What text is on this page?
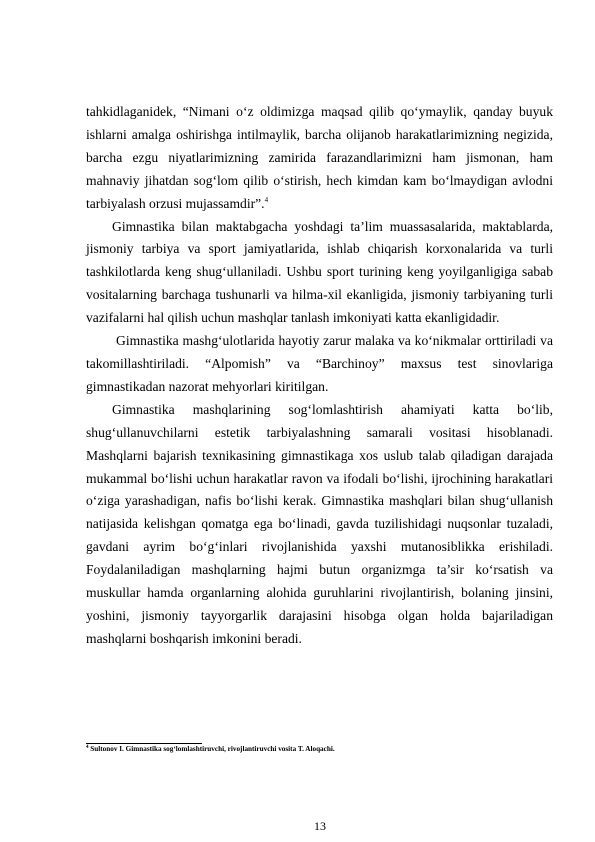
tahkidlaganidek, “Nimani o‘z oldimizga maqsad qilib qo‘ymaylik, qanday buyuk ishlarni amalga oshirishga intilmaylik, barcha olijanob harakatlarimizning negizida, barcha ezgu niyatlarimizning zamirida farazandlarimizni ham jismonan, ham mahnaviy jihatdan sog‘lom qilib o‘stirish, hech kimdan kam bo‘lmaydigan avlodni tarbiyalash orzusi mujassamdir”.$^4$

Gimnastika bilan maktabgacha yoshdagi ta’lim muassasalarida, maktablarda, jismoniy tarbiya va sport jamiyatlarida, ishlab chiqarish korxonalarida va turli tashkilotlarda keng shug‘ullaniladi. Ushbu sport turining keng yoyilganligiga sabab vositalarning barchaga tushunarli va hilma-xil ekanligida, jismoniy tarbiyaning turli vazifalarni hal qilish uchun mashqlar tanlash imkoniyati katta ekanligidadir.

Gimnastika mashg‘ulotlarida hayotiy zarur malaka va ko‘nikmalar orttiriladi va takomillashtiriladi. “Alpomish” va “Barchinoy” maxsus test sinovlariga gimnastikadan nazorat mehyorlari kiritilgan.

Gimnastika mashqlarining sog‘lomlashtirish ahamiyati katta bo‘lib, shug‘ullanuvchilarni estetik tarbiyalashning samarali vositasi hisoblanadi. Mashqlarni bajarish texnikasining gimnastikaga xos uslub talab qiladigan darajada mukammal bo‘lishi uchun harakatlar ravon va ifodali bo‘lishi, ijrochining harakatlari o‘ziga yarashadigan, nafis bo‘lishi kerak. Gimnastika mashqlari bilan shug‘ullanish natijasida kelishgan qomatga ega bo‘linadi, gavda tuzilishidagi nuqsonlar tuzaladi, gavdani ayrim bo‘g‘inlari rivojlanishida yaxshi mutanosiblikka erishiladi. Foydalaniladigan mashqlarning hajmi butun organizmga ta’sir ko‘rsatish va muskullar hamda organlarning alohida guruhlarini rivojlantirish, bolaning jinsini, yoshini, jismoniy tayyorgarlik darajasini hisobga olgan holda bajariladigan mashqlarni boshqarish imkonini beradi.

$^4$ Sultonov I. Gimnastika sog‘lomlashtiruvchi, rivojlantiruvchi vosita T. Aloqachi.
13
